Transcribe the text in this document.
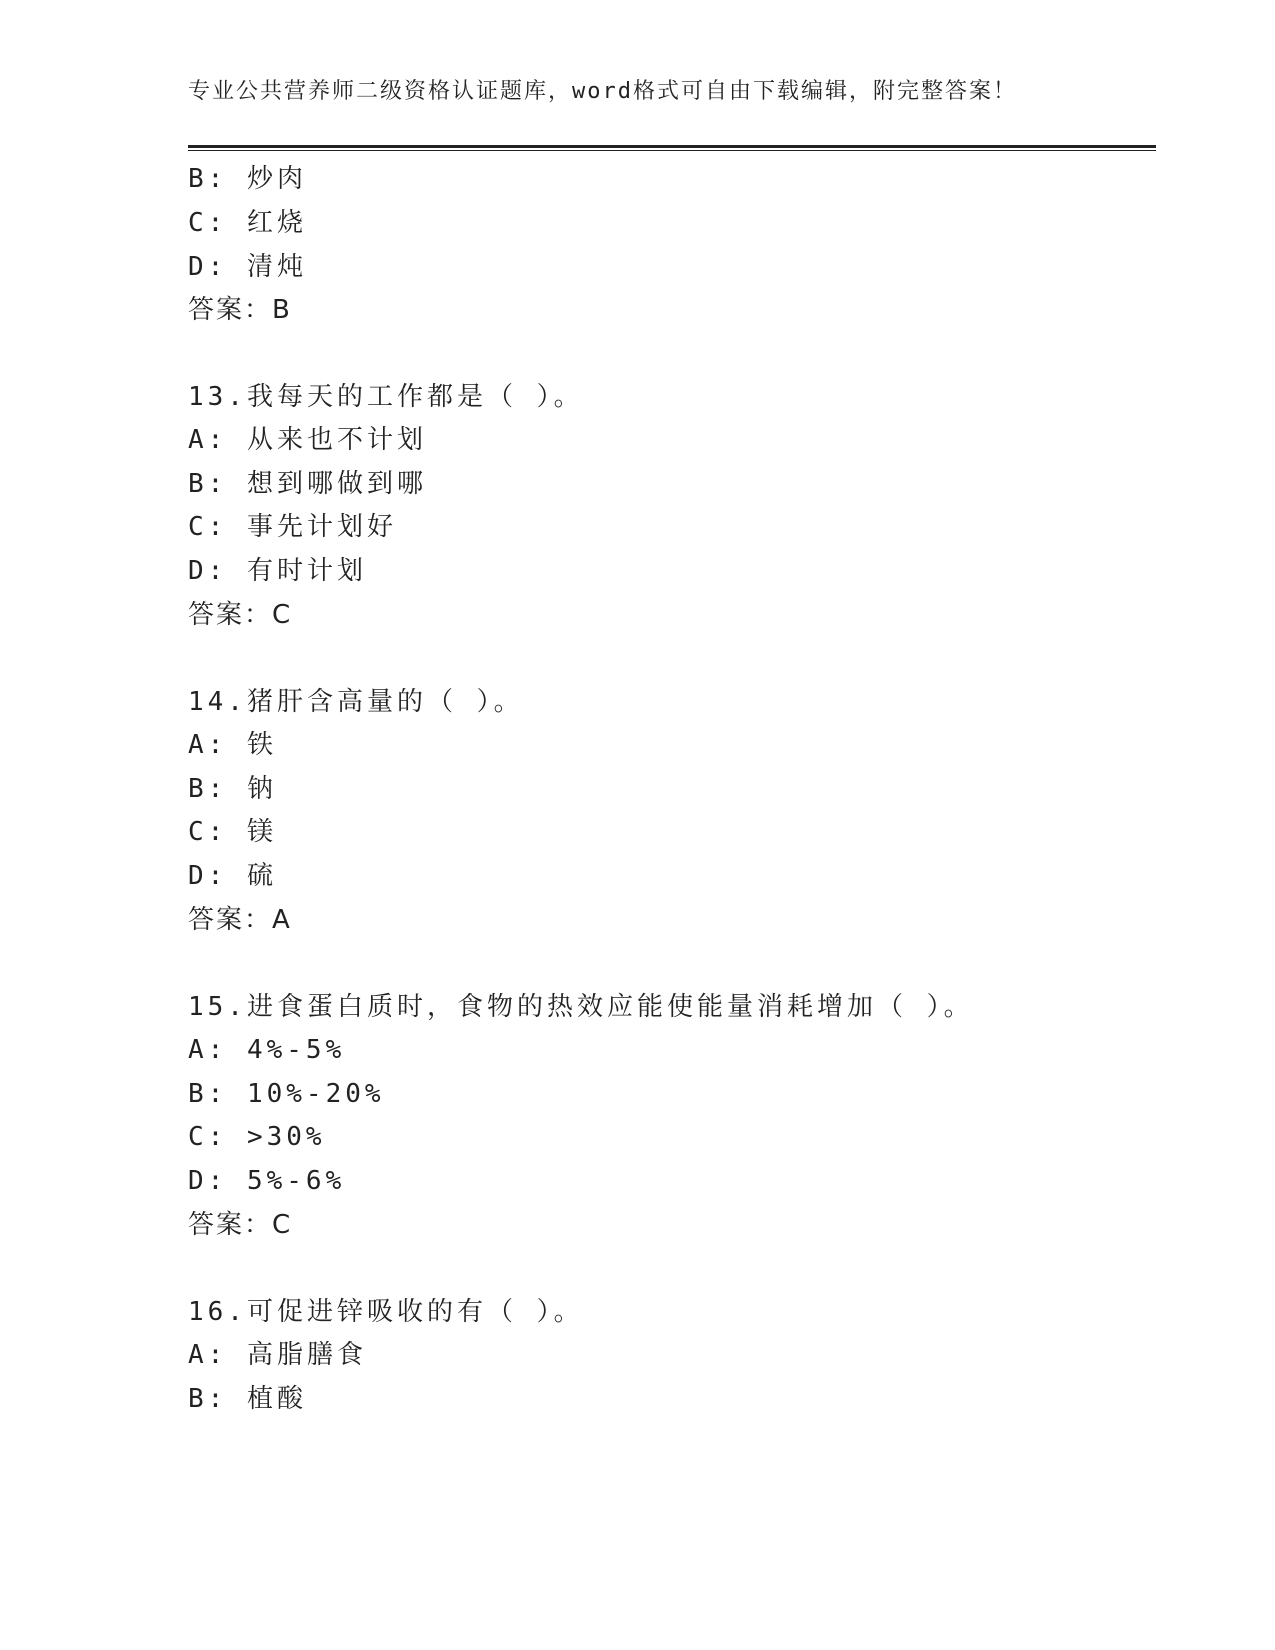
专业公共营养师二级资格认证题库，word格式可自由下载编辑，附完整答案！
B: 炒肉
C: 红烧
D: 清炖
答案：B
13.我每天的工作都是（ ）。
A: 从来也不计划
B: 想到哪做到哪
C: 事先计划好
D: 有时计划
答案：C
14.猪肝含高量的（ ）。
A: 铁
B: 钠
C: 镁
D: 硫
答案：A
15.进食蛋白质时，食物的热效应能使能量消耗增加（ ）。
A: 4%-5%
B: 10%-20%
C: >30%
D: 5%-6%
答案：C
16.可促进锌吸收的有（ ）。
A: 高脂膳食
B: 植酸
